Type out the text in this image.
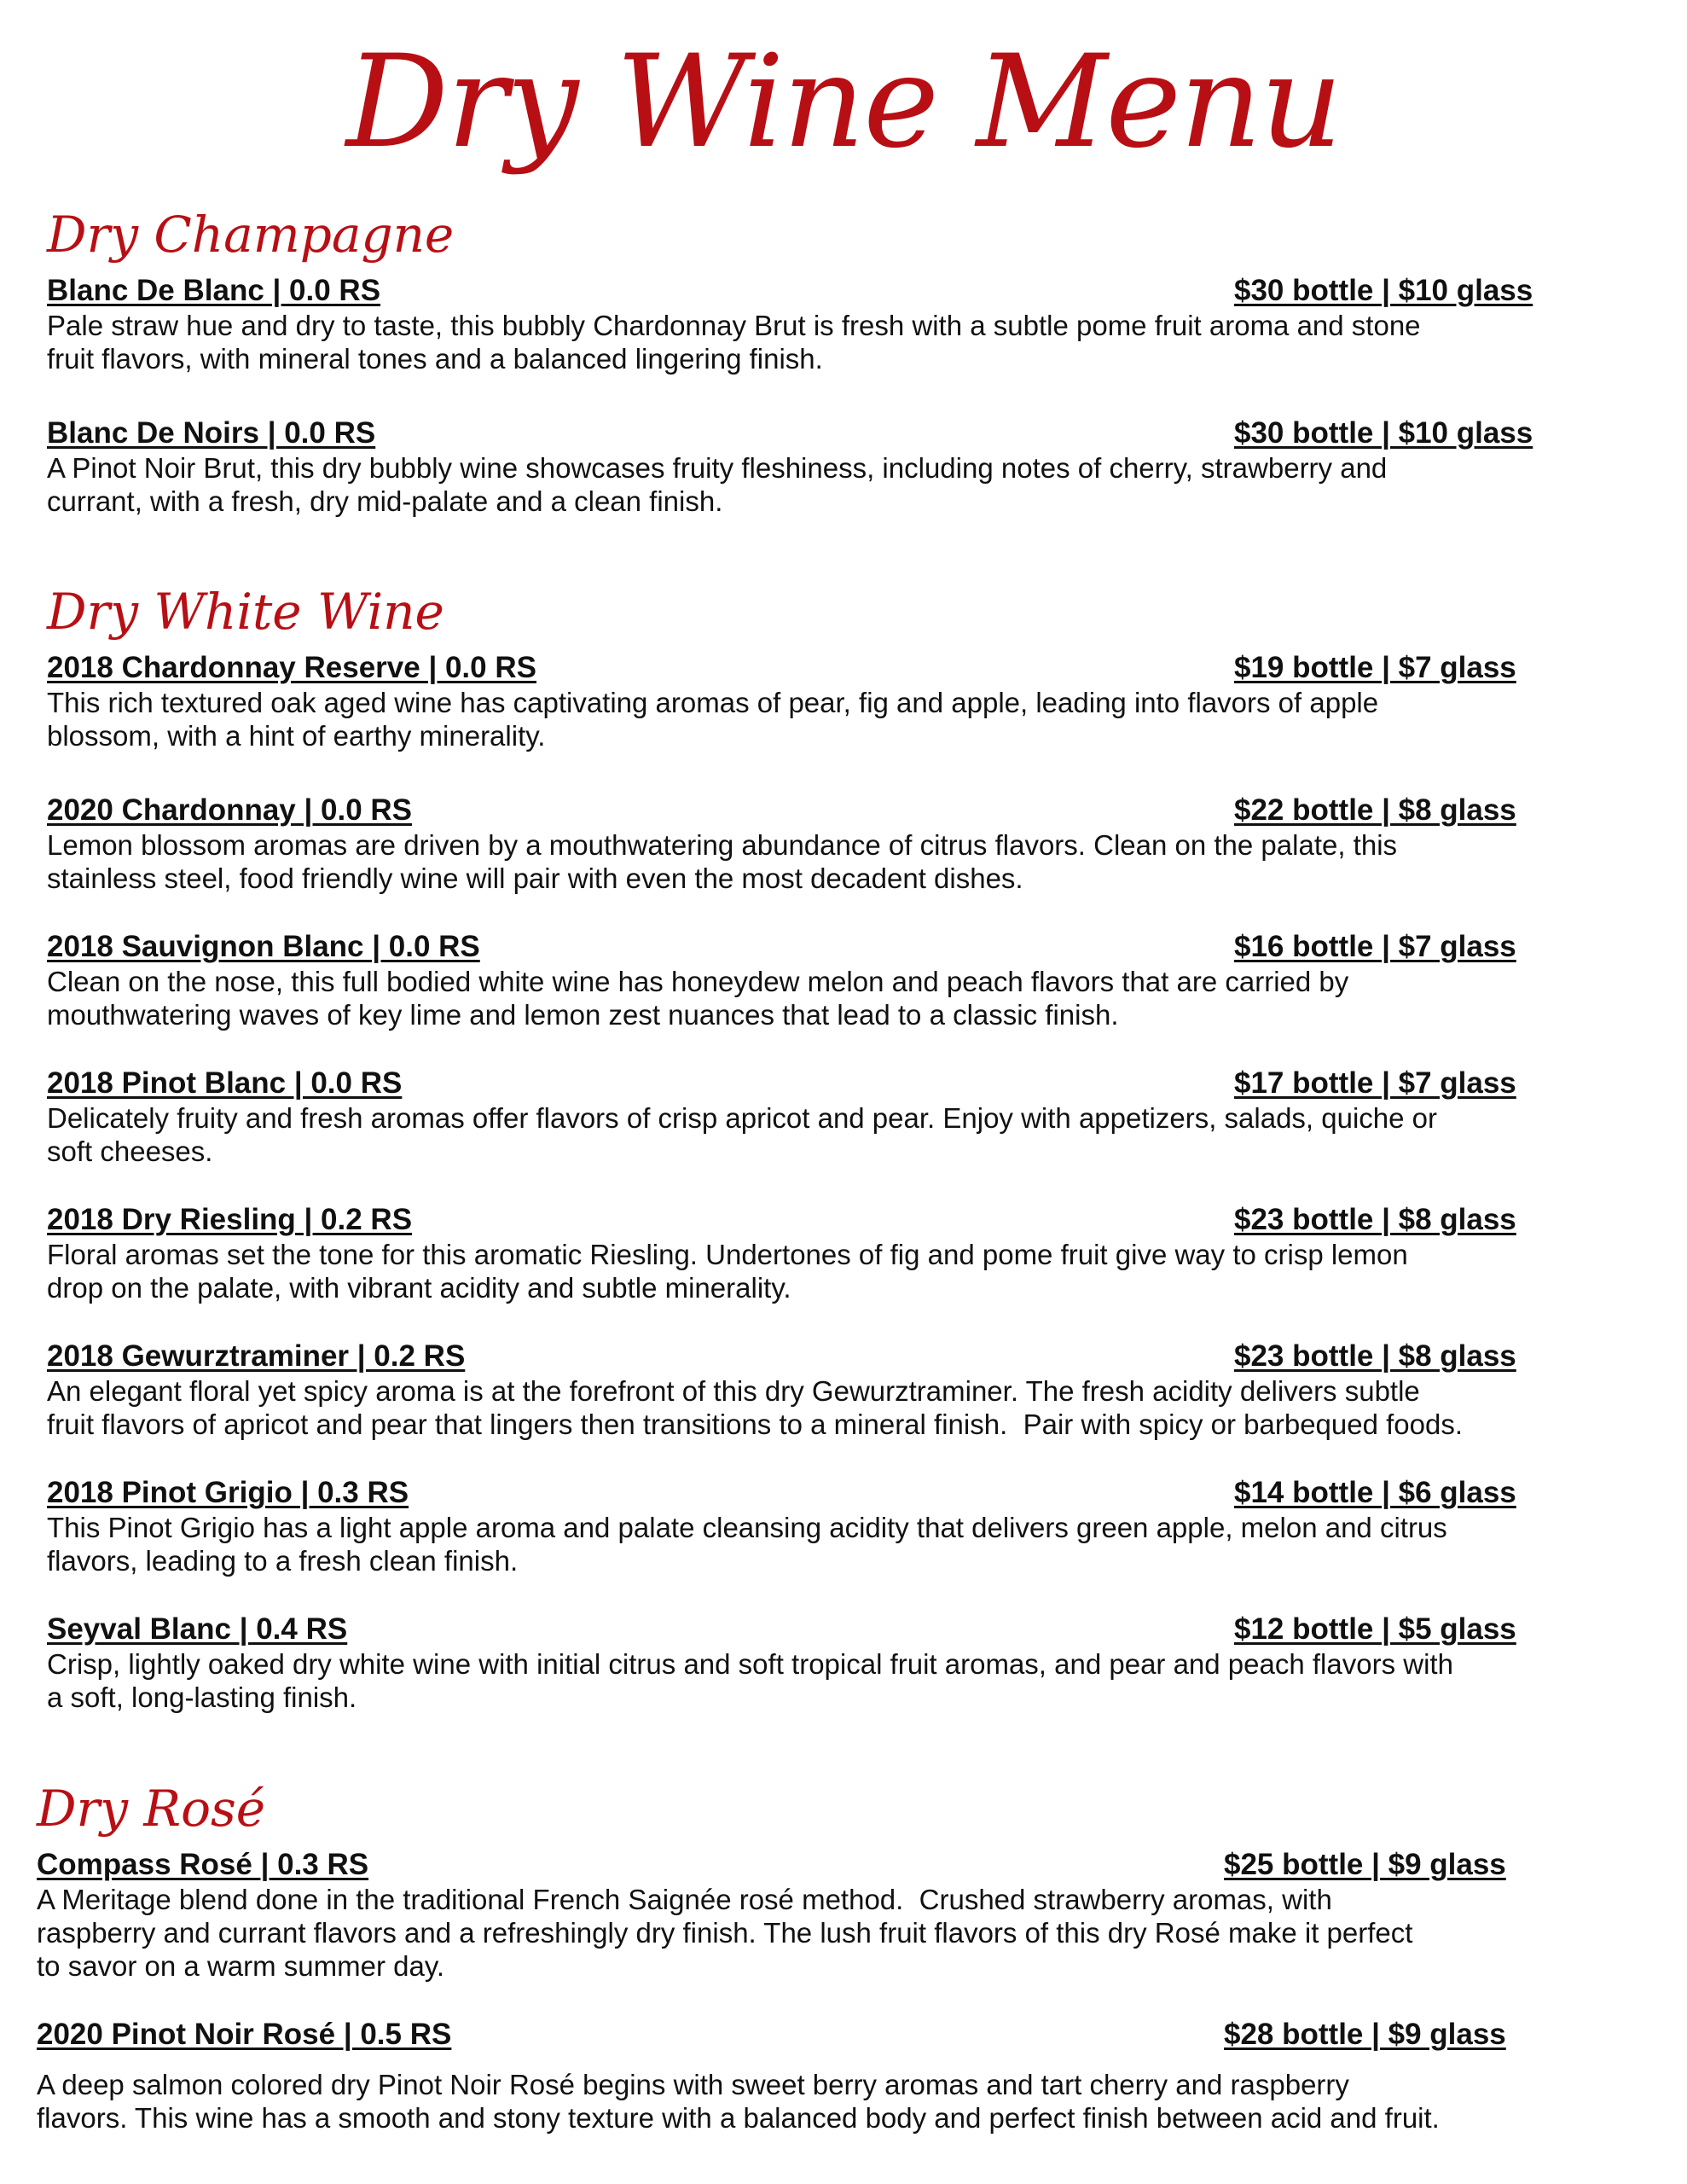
Dry Wine Menu
Dry Champagne
Blanc De Blanc | 0.0 RS	$30 bottle | $10 glass

Pale straw hue and dry to taste, this bubbly Chardonnay Brut is fresh with a subtle pome fruit aroma and stone
fruit flavors, with mineral tones and a balanced lingering finish.

Blanc De Noirs | 0.0 RS	$30 bottle | $10 glass

A Pinot Noir Brut, this dry bubbly wine showcases fruity fleshiness, including notes of cherry, strawberry and
currant, with a fresh, dry mid-palate and a clean finish.

Dry White Wine
2018 Chardonnay Reserve | 0.0 RS	$19 bottle | $7 glass

This rich textured oak aged wine has captivating aromas of pear, fig and apple, leading into flavors of apple
blossom, with a hint of earthy minerality.

2020 Chardonnay | 0.0 RS	$22 bottle | $8 glass

Lemon blossom aromas are driven by a mouthwatering abundance of citrus flavors. Clean on the palate, this
stainless steel, food friendly wine will pair with even the most decadent dishes.

2018 Sauvignon Blanc | 0.0 RS	$16 bottle | $7 glass

Clean on the nose, this full bodied white wine has honeydew melon and peach flavors that are carried by
mouthwatering waves of key lime and lemon zest nuances that lead to a classic finish.

2018 Pinot Blanc | 0.0 RS	$17 bottle | $7 glass

Delicately fruity and fresh aromas offer flavors of crisp apricot and pear. Enjoy with appetizers, salads, quiche or
soft cheeses.

2018 Dry Riesling | 0.2 RS	$23 bottle | $8 glass

Floral aromas set the tone for this aromatic Riesling. Undertones of fig and pome fruit give way to crisp lemon
drop on the palate, with vibrant acidity and subtle minerality.

2018 Gewurztraminer | 0.2 RS	$23 bottle | $8 glass

An elegant floral yet spicy aroma is at the forefront of this dry Gewurztraminer. The fresh acidity delivers subtle
fruit flavors of apricot and pear that lingers then transitions to a mineral finish.  Pair with spicy or barbequed foods.

2018 Pinot Grigio | 0.3 RS	$14 bottle | $6 glass

This Pinot Grigio has a light apple aroma and palate cleansing acidity that delivers green apple, melon and citrus
flavors, leading to a fresh clean finish.

Seyval Blanc | 0.4 RS	$12 bottle | $5 glass

Crisp, lightly oaked dry white wine with initial citrus and soft tropical fruit aromas, and pear and peach flavors with
a soft, long-lasting finish.

Dry Rosé
Compass Rosé | 0.3 RS	$25 bottle | $9 glass

A Meritage blend done in the traditional French Saignée rosé method.  Crushed strawberry aromas, with
raspberry and currant flavors and a refreshingly dry finish. The lush fruit flavors of this dry Rosé make it perfect
to savor on a warm summer day.

2020 Pinot Noir Rosé | 0.5 RS	$28 bottle | $9 glass

A deep salmon colored dry Pinot Noir Rosé begins with sweet berry aromas and tart cherry and raspberry
flavors. This wine has a smooth and stony texture with a balanced body and perfect finish between acid and fruit.
